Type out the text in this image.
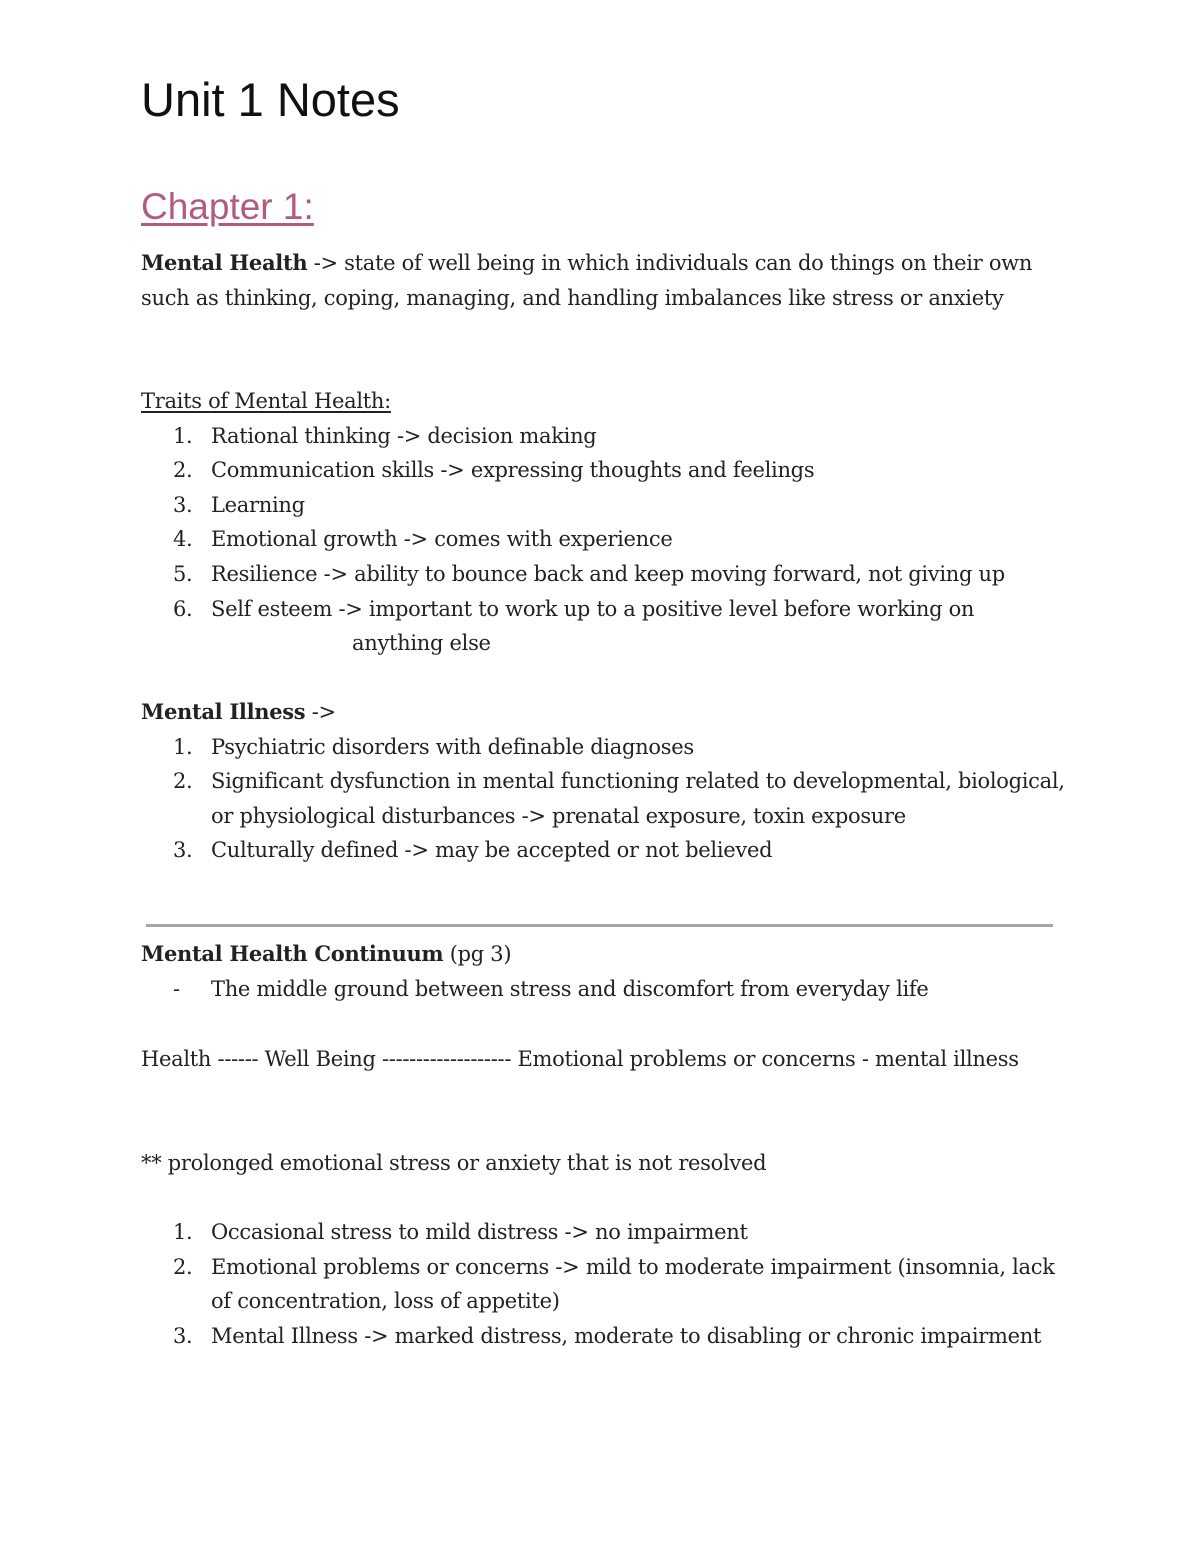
Unit 1 Notes
Chapter 1:

Mental Health -> state of well being in which individuals can do things on their own such as thinking, coping, managing, and handling imbalances like stress or anxiety

Traits of Mental Health:

1. Rational thinking -> decision making
2. Communication skills -> expressing thoughts and feelings
3. Learning
4. Emotional growth -> comes with experience
5. Resilience -> ability to bounce back and keep moving forward, not giving up
6. Self esteem -> important to work up to a positive level before working on
anything else

Mental Illness ->

1. Psychiatric disorders with definable diagnoses
2. Significant dysfunction in mental functioning related to developmental, biological, or physiological disturbances -> prenatal exposure, toxin exposure
3. Culturally defined -> may be accepted or not believed

Mental Health Continuum (pg 3)

- The middle ground between stress and discomfort from everyday life

Health ------ Well Being ------------------- Emotional problems or concerns - mental illness

** prolonged emotional stress or anxiety that is not resolved

1. Occasional stress to mild distress -> no impairment
2. Emotional problems or concerns -> mild to moderate impairment (insomnia, lack of concentration, loss of appetite)
3. Mental Illness -> marked distress, moderate to disabling or chronic impairment
